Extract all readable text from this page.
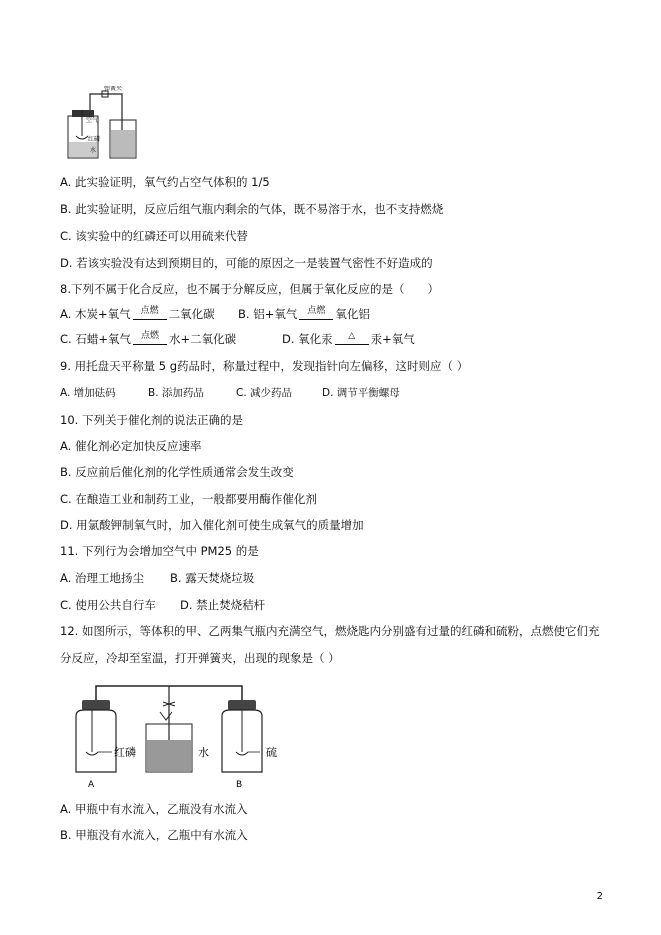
弹簧夹
空气
红磷
水
A. 此实验证明，氧气约占空气体积的 1/5
B. 此实验证明，反应后组气瓶内剩余的气体，既不易溶于水，也不支持燃烧
C. 该实验中的红磷还可以用硫来代替
D. 若该实验没有达到预期目的，可能的原因之一是装置气密性不好造成的
8.下列不属于化合反应，也不属于分解反应，但属于氧化反应的是（　　）
A. 木炭+氧气	点燃 二氧化碳 B. 铝+氧气	点燃 氧化铝
C. 石蜡+氧气	点燃 水+二氧化碳	D. 氧化汞	△	汞+氧气
9. 用托盘天平称量 5 g药品时，称量过程中，发现指针向左偏移，这时则应（ ）
A. 增加砝码	B. 添加药品	C. 减少药品	D. 调节平衡螺母
10. 下列关于催化剂的说法正确的是
A. 催化剂必定加快反应速率
B. 反应前后催化剂的化学性质通常会发生改变
C. 在酿造工业和制药工业，一般都要用酶作催化剂
D. 用氯酸钾制氧气时，加入催化剂可使生成氧气的质量增加
11. 下列行为会增加空气中 PM25 的是
A. 治理工地扬尘 B. 露天焚烧垃圾
C. 使用公共自行车 D. 禁止焚烧秸杆
12. 如图所示，等体积的甲、乙两集气瓶内充满空气，燃烧匙内分别盛有过量的红磷和硫粉，点燃使它们充
分反应，冷却至室温，打开弹簧夹，出现的现象是（ ）
红磷	水	硫
A	B
A. 甲瓶中有水流入，乙瓶没有水流入
B. 甲瓶没有水流入，乙瓶中有水流入
2
